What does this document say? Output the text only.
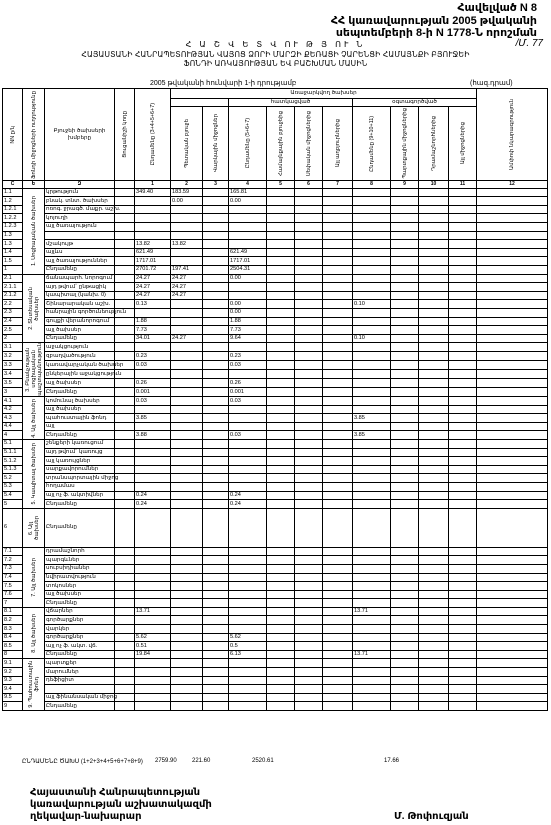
Հավելված N 8
ՀՀ կառավարության 2005 թվականի
սեպտեմբերի 8-ի N 1778-Ն որոշման
/Մ. 77
Հ Ա Շ Վ Ե Տ Վ ՈՒ Թ Յ ՈՒ Ն
ՀԱՅԱՍՏԱՆԻ ՀԱՆՐԱՊԵՏՈՒԹՅԱՆ ՎԱՅՈՑ ՁՈՐԻ ՄԱՐԶԻ ՔԵՌԱՑԻ ՉԱՐԵՆՑԻ ՀԱՄԱՅՆՔԻ ԲՅՈՒՋԵԻ
ՖՈՆԴԻ ԱՌԿԱՅՈՒԹՅԱՆ ԵՎ ԲԱՇԽՄԱՆ ՄԱՍԻՆ
2005 թվականի հունվարի 1-ի դրությամբ	(հազ.դրամ)
NN ը/կ	Ֆոնդի միջոցների ուղղությունը	Բյուջեի ծախսերի խմբերը	Ցուցանիշի կոդը	Ընդամենը (3+4+5+6+7)	Առաջարկվող ծախսեր										Ամփոփ նկարագրություն

							հատկացված				օգտագործված				

					Պետական բյուջե	Վարկային միջոցներ	Ընդամենը (5+6+7)	Համայնքային բյուջեից	Սեփական միջոցներից	Այլ աղբյուրներից	Ընդամենը (9+10+11)	Պարտքային միջոցներից	Դրամաշնորհներից	Այլ միջոցներից	

C	Ե	Զ		1	2	3	4	5	6	7	8	9	10	11	12
1.1	1. Սոցիալական ծախսեր	կրթություն		349.40	183.59		165.81								
1.2		բնակ. տնտ. ծախսեր			0.00		0.00								
1.2.1		ոռոգ. ջրագծ. մաքր. աշխ.													
1.2.2		կոյուղի													
1.2.3		այլ ծառայություն													
1.3															
1.3		մշակույթ		13.82	13.82										
1.4		այլևս		621.49			621.49								
1.5		այլ ծառայություններ		1717.01			1717.01								
1		Ընդամենը		2701.72	197.41		2504.31								
2.1	2. Տնտեսական ծախսեր	ճանապարհ. նորոգում		24.27	24.27		0.00								
2.1.1		այդ թվում` ընթացիկ		24.27	24.27										
2.1.2		կապիտալ (կանխ. 0)		24.27	24.27										
2.2		Շինարարական աշխ.		0.13			0.00				0.10				
2.3		հանրային գործունեություն					0.00								
2.4		գույքի վերանորոգում		1.88			1.88								
2.5		այլ ծախսեր		7.73			7.73								
2		Ընդամենը		34.01	24.27		9.64				0.10				
3.1	3. Բնակչության սոցիալական պաշտպանություն	աջակցություն													
3.2		զբաղվածություն		0.23			0.23								
3.3		կառավարչական ծախսեր		0.03			0.03								
3.4		ընկերային աջակցություն													
3.5		այլ ծախսեր		0.26			0.26								
3		Ընդամենը		0.001			0.001								
4.1	4. Այլ ծախսեր	կոմունալ ծախսեր		0.03			0.03								
4.2		այլ ծախսեր													
4.3		պահուստային ֆոնդ		3.85							3.85				
4.4		այլ													
4		Ընդամենը		3.88			0.03				3.85				
5.1	5. Կապիտալ ծախսեր	շենքերի կառուցում													
5.1.1		այդ թվում` կառույց													
5.1.2		այլ կառույցներ													
5.1.3		սարքավորումներ													
5.2		տրանսպորտային միջոց													
5.3		հողամաս													
5.4		այլ ոչ ֆ. ակտիվներ		0.24			0.24								
5		Ընդամենը		0.24			0.24								
6	6. Այլ ծախսեր	Ընդամենը													
7.1	7. Այլ ծախսեր	դրամաշնորհ													
7.2		պարգևներ													
7.3		սուբսիդիաներ													
7.4		նվիրատվություն													
7.5		տոկոսներ													
7.6		այլ ծախսեր													
7		Ընդամենը													
8.1	8. Այլ ծախսեր	վճարներ		13.71							13.71				
8.2		գործարքներ													
8.3		վարկեր													
8.4		գործարքներ		5.62			5.62								
8.5		այլ ոչ ֆ. ակտ. վճ.		0.51			0.5								
8		Ընդամենը		19.84			6.13				13.71				
9.1	9. Պահուստային ֆոնդ	պարտքեր													
9.2		մարումներ													
9.3		դեֆիցիտ													
9.4															
9.5		այլ ֆինանսական միջոց													
9		Ընդամենը													
ԸՆԴԱՄԵՆԸ ԾԱԽՍ (1+2+3+4+5+6+7+8+9) 2759.90	221.60	2520.61	17.66
Հայաստանի Հանրապետության
կառավարության աշխատակազմի
ղեկավար-նախարար	Մ. Թոփուզյան
